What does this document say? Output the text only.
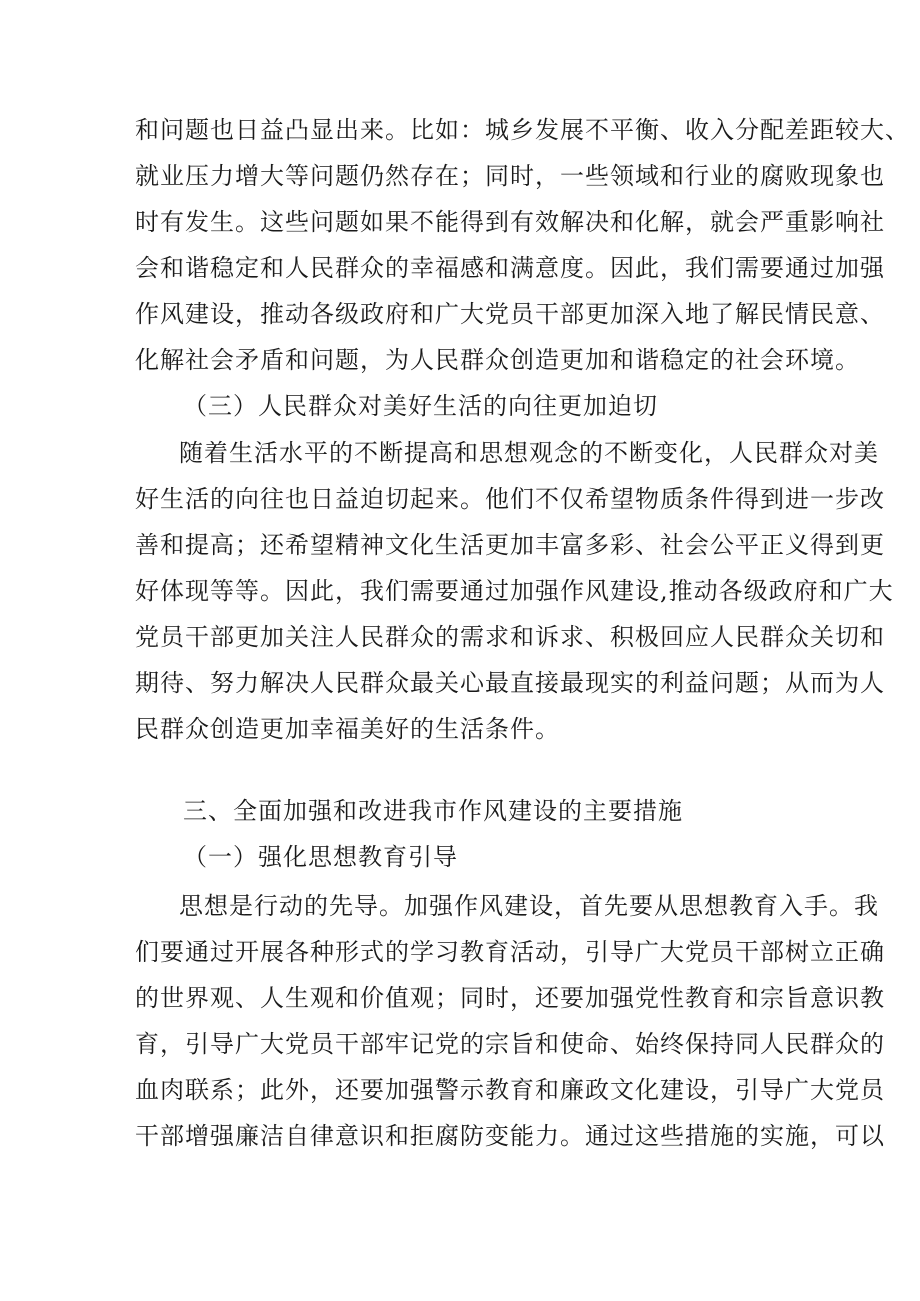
和问题也日益凸显出来。比如：城乡发展不平衡、收入分配差距较大、
就业压力增大等问题仍然存在；同时，一些领域和行业的腐败现象也
时有发生。这些问题如果不能得到有效解决和化解，就会严重影响社
会和谐稳定和人民群众的幸福感和满意度。因此，我们需要通过加强
作风建设，推动各级政府和广大党员干部更加深入地了解民情民意、
化解社会矛盾和问题，为人民群众创造更加和谐稳定的社会环境。
（三）人民群众对美好生活的向往更加迫切
随着生活水平的不断提高和思想观念的不断变化，人民群众对美
好生活的向往也日益迫切起来。他们不仅希望物质条件得到进一步改
善和提高；还希望精神文化生活更加丰富多彩、社会公平正义得到更
好体现等等。因此，我们需要通过加强作风建设,推动各级政府和广大
党员干部更加关注人民群众的需求和诉求、积极回应人民群众关切和
期待、努力解决人民群众最关心最直接最现实的利益问题；从而为人
民群众创造更加幸福美好的生活条件。
三、全面加强和改进我市作风建设的主要措施
（一）强化思想教育引导
思想是行动的先导。加强作风建设，首先要从思想教育入手。我
们要通过开展各种形式的学习教育活动，引导广大党员干部树立正确
的世界观、人生观和价值观；同时，还要加强党性教育和宗旨意识教
育，引导广大党员干部牢记党的宗旨和使命、始终保持同人民群众的
血肉联系；此外，还要加强警示教育和廉政文化建设，引导广大党员
干部增强廉洁自律意识和拒腐防变能力。通过这些措施的实施，可以
